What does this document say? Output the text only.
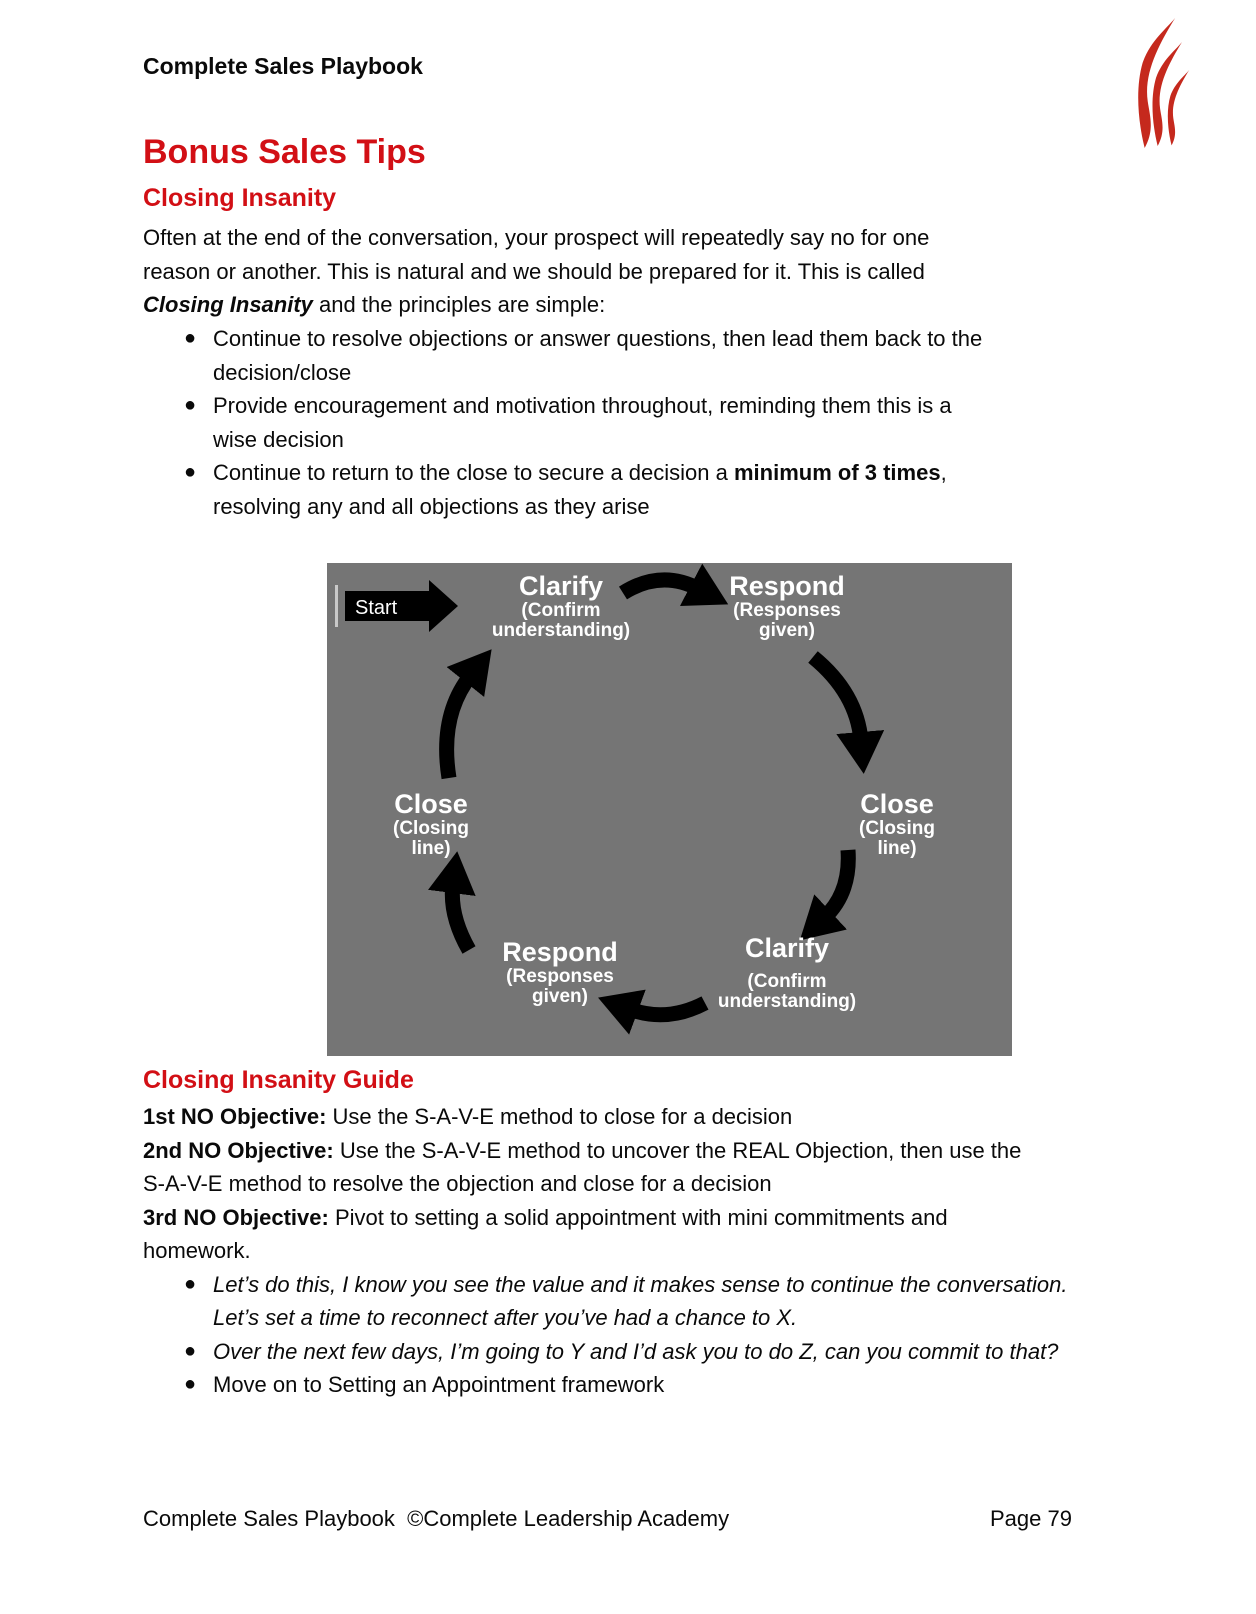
Complete Sales Playbook
Bonus Sales Tips
Closing Insanity
Often at the end of the conversation, your prospect will repeatedly say no for one
reason or another. This is natural and we should be prepared for it. This is called
Closing Insanity and the principles are simple:
● Continue to resolve objections or answer questions, then lead them back to the
decision/close
● Provide encouragement and motivation throughout, reminding them this is a
wise decision
● Continue to return to the close to secure a decision a minimum of 3 times,
resolving any and all objections as they arise
Start
Clarify
(Confirm
understanding)
Respond
(Responses
given)
Close
(Closing
line)
Clarify
(Confirm
understanding)
Respond
(Responses
given)
Close
(Closing
line)
Closing Insanity Guide
1st NO Objective: Use the S-A-V-E method to close for a decision
2nd NO Objective: Use the S-A-V-E method to uncover the REAL Objection, then use the
S-A-V-E method to resolve the objection and close for a decision
3rd NO Objective: Pivot to setting a solid appointment with mini commitments and
homework.
● Let’s do this, I know you see the value and it makes sense to continue the conversation.
Let’s set a time to reconnect after you’ve had a chance to X.
● Over the next few days, I’m going to Y and I’d ask you to do Z, can you commit to that?
● Move on to Setting an Appointment framework
Complete Sales Playbook  ©Complete Leadership Academy	Page 79
